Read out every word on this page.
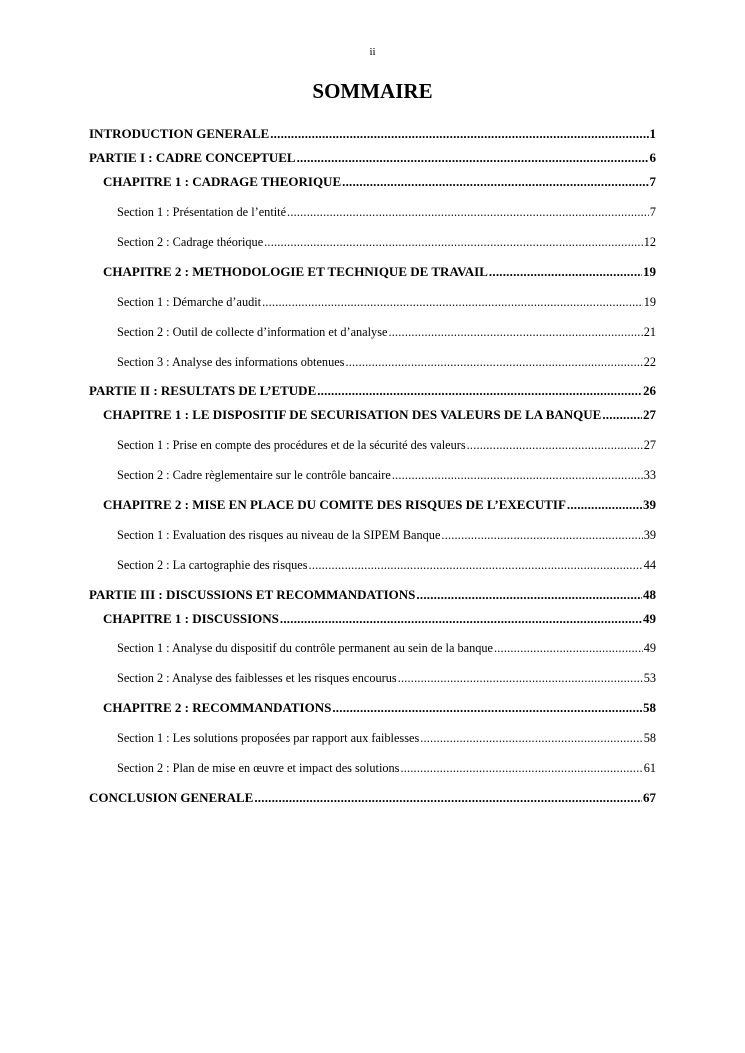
ii
SOMMAIRE
INTRODUCTION GENERALE .....	1
PARTIE I : CADRE CONCEPTUEL .....	6
CHAPITRE 1 : CADRAGE THEORIQUE .....	7
Section 1 : Présentation de l’entité .....	7
Section 2 : Cadrage théorique .....	12
CHAPITRE 2 : METHODOLOGIE ET TECHNIQUE DE TRAVAIL .....	19
Section 1 : Démarche d’audit .....	19
Section 2 : Outil de collecte d’information et d’analyse .....	21
Section 3 : Analyse des informations obtenues .....	22
PARTIE II : RESULTATS DE L’ETUDE .....	26
CHAPITRE 1 : LE DISPOSITIF DE SECURISATION DES VALEURS DE LA BANQUE .....	27
Section 1 : Prise en compte des procédures et de la sécurité des valeurs .....	27
Section 2 : Cadre règlementaire sur le contrôle bancaire .....	33
CHAPITRE 2 : MISE EN PLACE DU COMITE DES RISQUES DE L’EXECUTIF .....	39
Section 1 : Evaluation des risques au niveau de la SIPEM Banque .....	39
Section 2 : La cartographie des risques .....	44
PARTIE III : DISCUSSIONS ET RECOMMANDATIONS .....	48
CHAPITRE 1 : DISCUSSIONS .....	49
Section 1 : Analyse du dispositif du contrôle permanent au sein de la banque .....	49
Section 2 : Analyse des faiblesses et les risques encourus .....	53
CHAPITRE 2 : RECOMMANDATIONS .....	58
Section 1 : Les solutions proposées par rapport aux faiblesses .....	58
Section 2 : Plan de mise en œuvre et impact des solutions .....	61
CONCLUSION GENERALE .....	67
